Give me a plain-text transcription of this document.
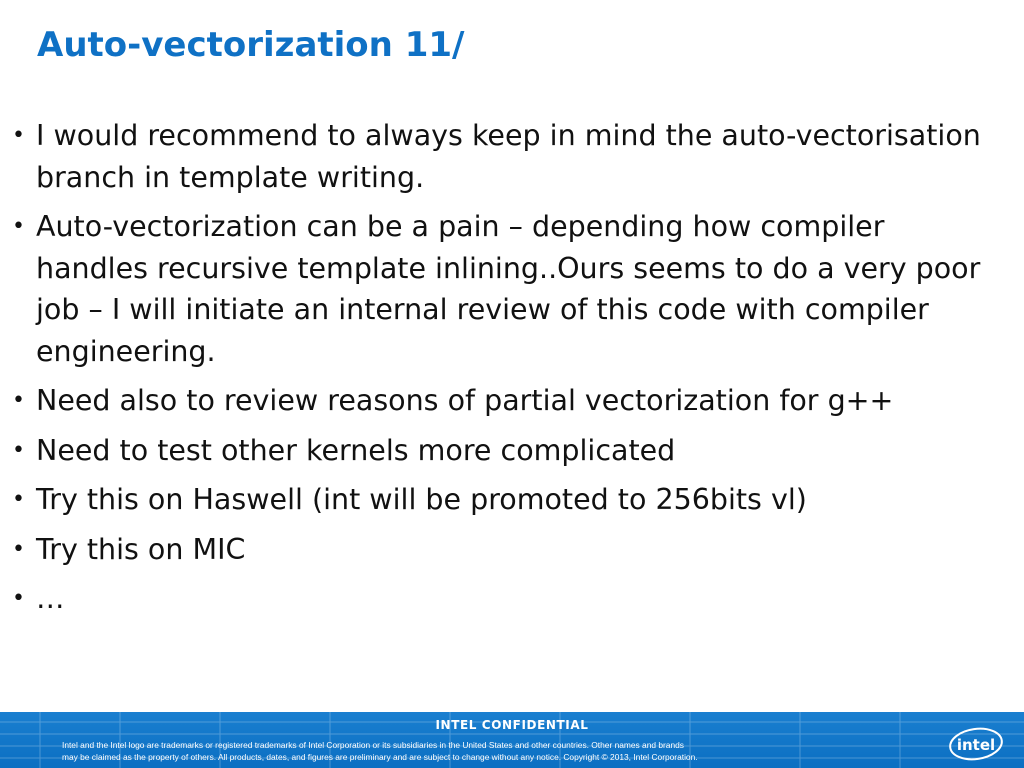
Auto-vectorization 11/
• I would recommend to always keep in mind the auto-vectorisation branch in template writing.
• Auto-vectorization can be a pain – depending how compiler handles recursive template inlining..Ours seems to do a very poor job – I will initiate an internal review of this code with compiler engineering.
• Need also to review reasons of partial vectorization for g++
• Need to test other kernels more complicated
• Try this on Haswell (int will be promoted to 256bits vl)
• Try this on MIC
• …
INTEL CONFIDENTIAL
Intel and the Intel logo are trademarks or registered trademarks of Intel Corporation or its subsidiaries in the United States and other countries. Other names and brands
may be claimed as the property of others. All products, dates, and figures are preliminary and are subject to change without any notice. Copyright © 2013, Intel Corporation.
intel
